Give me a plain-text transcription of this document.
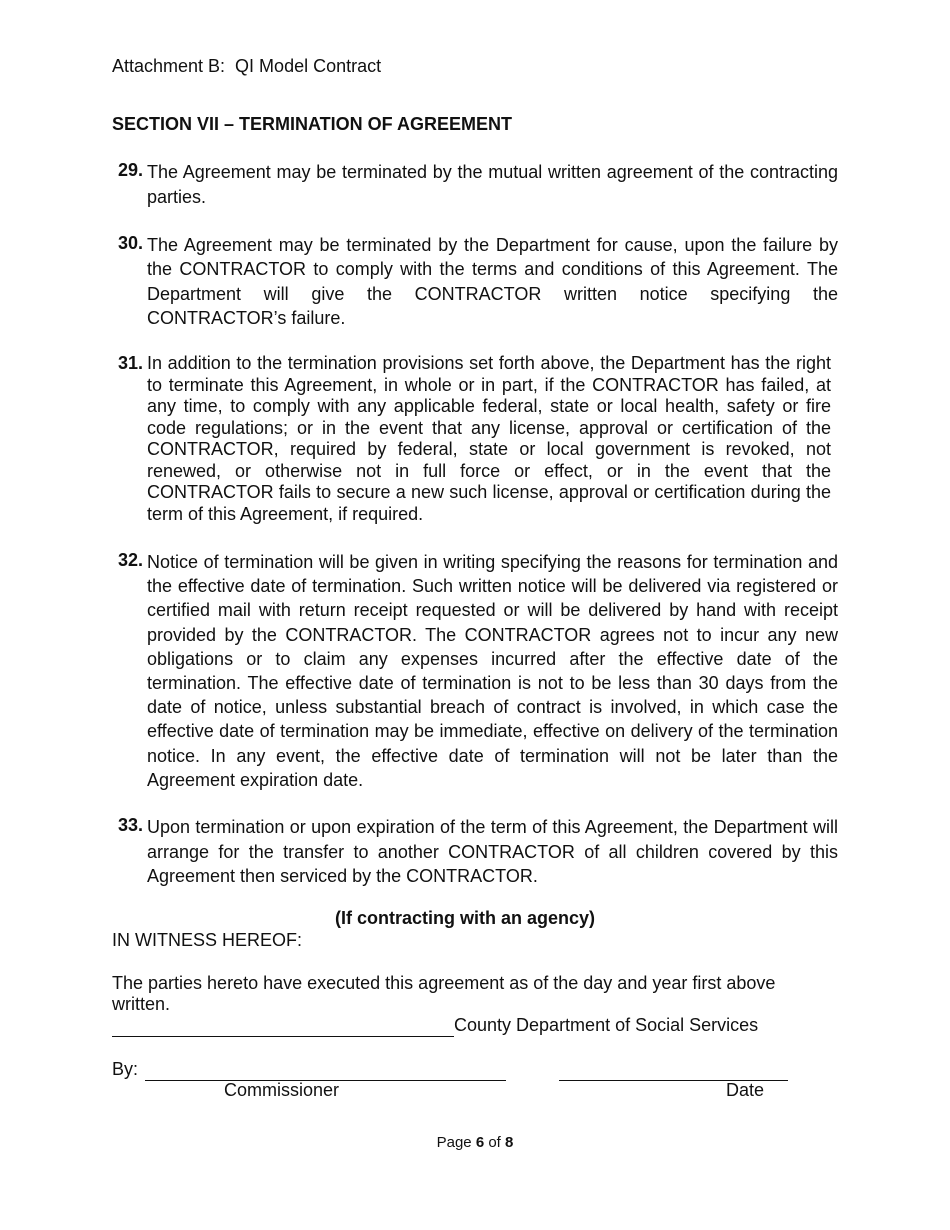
Attachment B:  QI Model Contract
SECTION VII – TERMINATION OF AGREEMENT
29. The Agreement may be terminated by the mutual written agreement of the contracting parties.
30. The Agreement may be terminated by the Department for cause, upon the failure by the CONTRACTOR to comply with the terms and conditions of this Agreement. The Department will give the CONTRACTOR written notice specifying the CONTRACTOR’s failure.
31. In addition to the termination provisions set forth above, the Department has the right to terminate this Agreement, in whole or in part, if the CONTRACTOR has failed, at any time, to comply with any applicable federal, state or local health, safety or fire code regulations; or in the event that any license, approval or certification of the CONTRACTOR, required by federal, state or local government is revoked, not renewed, or otherwise not in full force or effect, or in the event that the CONTRACTOR fails to secure a new such license, approval or certification during the term of this Agreement, if required.
32. Notice of termination will be given in writing specifying the reasons for termination and the effective date of termination. Such written notice will be delivered via registered or certified mail with return receipt requested or will be delivered by hand with receipt provided by the CONTRACTOR. The CONTRACTOR agrees not to incur any new obligations or to claim any expenses incurred after the effective date of the termination. The effective date of termination is not to be less than 30 days from the date of notice, unless substantial breach of contract is involved, in which case the effective date of termination may be immediate, effective on delivery of the termination notice. In any event, the effective date of termination will not be later than the Agreement expiration date.
33. Upon termination or upon expiration of the term of this Agreement, the Department will arrange for the transfer to another CONTRACTOR of all children covered by this Agreement then serviced by the CONTRACTOR.
(If contracting with an agency)
IN WITNESS HEREOF:
The parties hereto have executed this agreement as of the day and year first above written.
County Department of Social Services
By:
Commissioner	Date
Page 6 of 8
